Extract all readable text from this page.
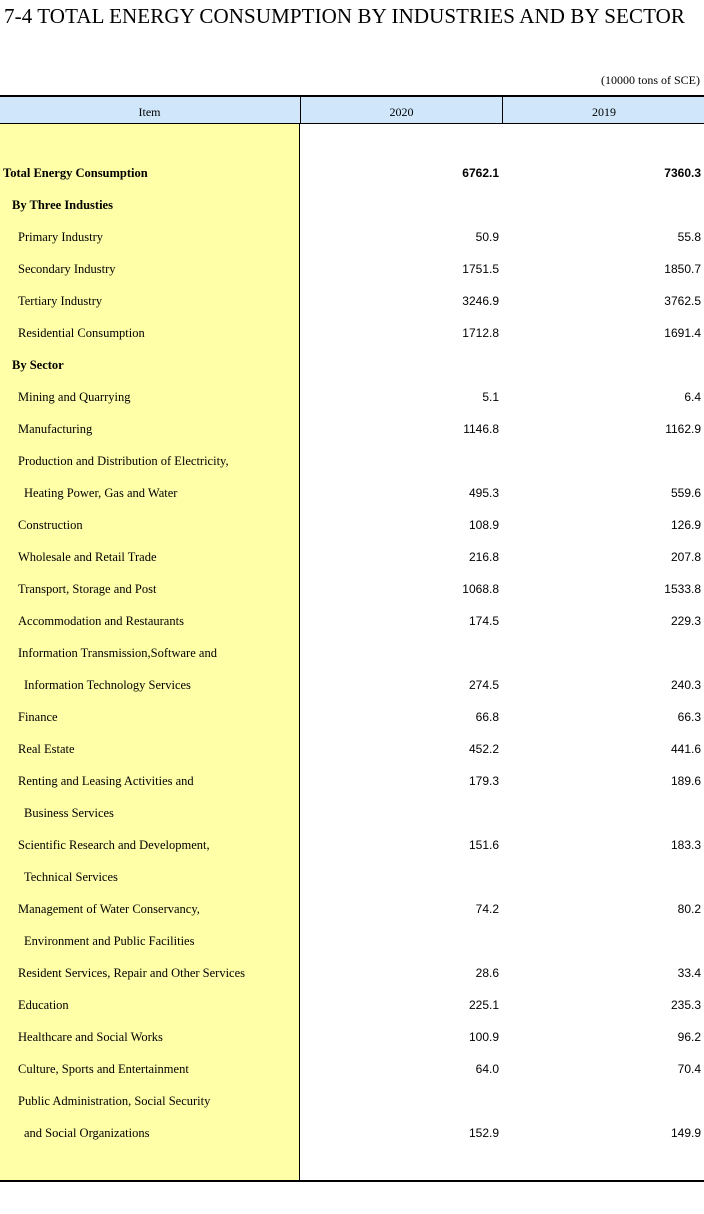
7-4 TOTAL ENERGY CONSUMPTION BY INDUSTRIES AND BY SECTOR
(10000 tons of SCE)
Item	2020	2019
Total Energy Consumption	6762.1	7360.3
By Three Industies
Primary Industry	50.9	55.8
Secondary Industry	1751.5	1850.7
Tertiary Industry	3246.9	3762.5
Residential Consumption	1712.8	1691.4
By Sector
Mining and Quarrying	5.1	6.4
Manufacturing	1146.8	1162.9
Production and Distribution of Electricity,
Heating Power, Gas and Water	495.3	559.6
Construction	108.9	126.9
Wholesale and Retail Trade	216.8	207.8
Transport, Storage and Post	1068.8	1533.8
Accommodation and Restaurants	174.5	229.3
Information Transmission,Software and
Information Technology Services	274.5	240.3
Finance	66.8	66.3
Real Estate	452.2	441.6
Renting and Leasing Activities and	179.3	189.6
Business Services
Scientific Research and Development,	151.6	183.3
Technical Services
Management of Water Conservancy,	74.2	80.2
Environment and Public Facilities
Resident Services, Repair and Other Services	28.6	33.4
Education	225.1	235.3
Healthcare and Social Works	100.9	96.2
Culture, Sports and Entertainment	64.0	70.4
Public Administration, Social Security
and Social Organizations	152.9	149.9
